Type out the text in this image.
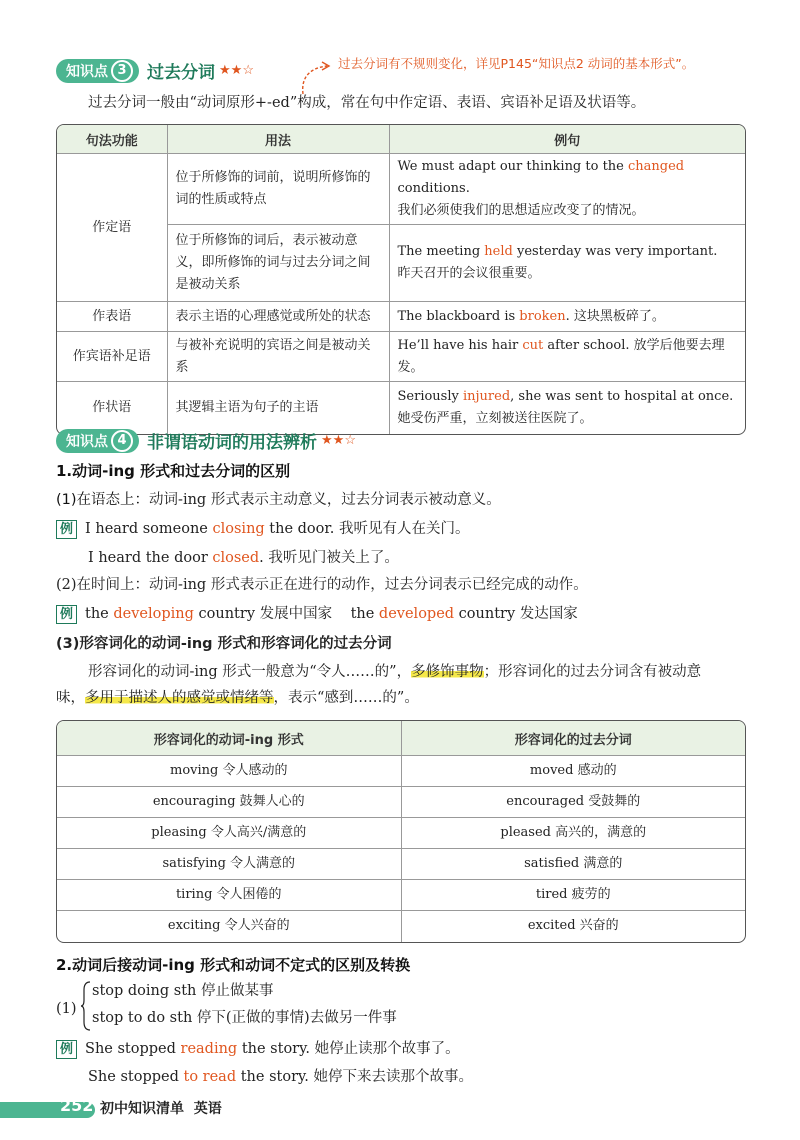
知识点 3	过去分词 ★★☆	过去分词有不规则变化，详见P145“知识点2 动词的基本形式”。
过去分词一般由“动词原形+-ed”构成，常在句中作定语、表语、宾语补足语及状语等。
句法功能	用法	例句
作定语	位于所修饰的词前，说明所修饰的词的性质或特点	We must adapt our thinking to the changed conditions.
我们必须使我们的思想适应改变了的情况。
	位于所修饰的词后，表示被动意义，即所修饰的词与过去分词之间是被动关系	The meeting held yesterday was very important.
昨天召开的会议很重要。
作表语	表示主语的心理感觉或所处的状态	The blackboard is broken. 这块黑板碎了。
作宾语补足语	与被补充说明的宾语之间是被动关系	He’ll have his hair cut after school. 放学后他要去理发。
作状语	其逻辑主语为句子的主语	Seriously injured, she was sent to hospital at once.
她受伤严重，立刻被送往医院了。
知识点 4	非谓语动词的用法辨析 ★★☆
1.动词-ing 形式和过去分词的区别
(1)在语态上：动词-ing 形式表示主动意义，过去分词表示被动意义。
例 I heard someone closing the door. 我听见有人在关门。
I heard the door closed. 我听见门被关上了。
(2)在时间上：动词-ing 形式表示正在进行的动作，过去分词表示已经完成的动作。
例 the developing country 发展中国家 the developed country 发达国家
(3)形容词化的动词-ing 形式和形容词化的过去分词
形容词化的动词-ing 形式一般意为“令人……的”，多修饰事物；形容词化的过去分词含有被动意
味，多用于描述人的感觉或情绪等，表示“感到……的”。
形容词化的动词-ing 形式	形容词化的过去分词
moving 令人感动的	moved 感动的
encouraging 鼓舞人心的	encouraged 受鼓舞的
pleasing 令人高兴/满意的	pleased 高兴的，满意的
satisfying 令人满意的	satisfied 满意的
tiring 令人困倦的	tired 疲劳的
exciting 令人兴奋的	excited 兴奋的
2.动词后接动词-ing 形式和动词不定式的区别及转换
(1)
stop doing sth 停止做某事
stop to do sth 停下(正做的事情)去做另一件事
例 She stopped reading the story. 她停止读那个故事了。
She stopped to read the story. 她停下来去读那个故事。
252 初中知识清单 英语
